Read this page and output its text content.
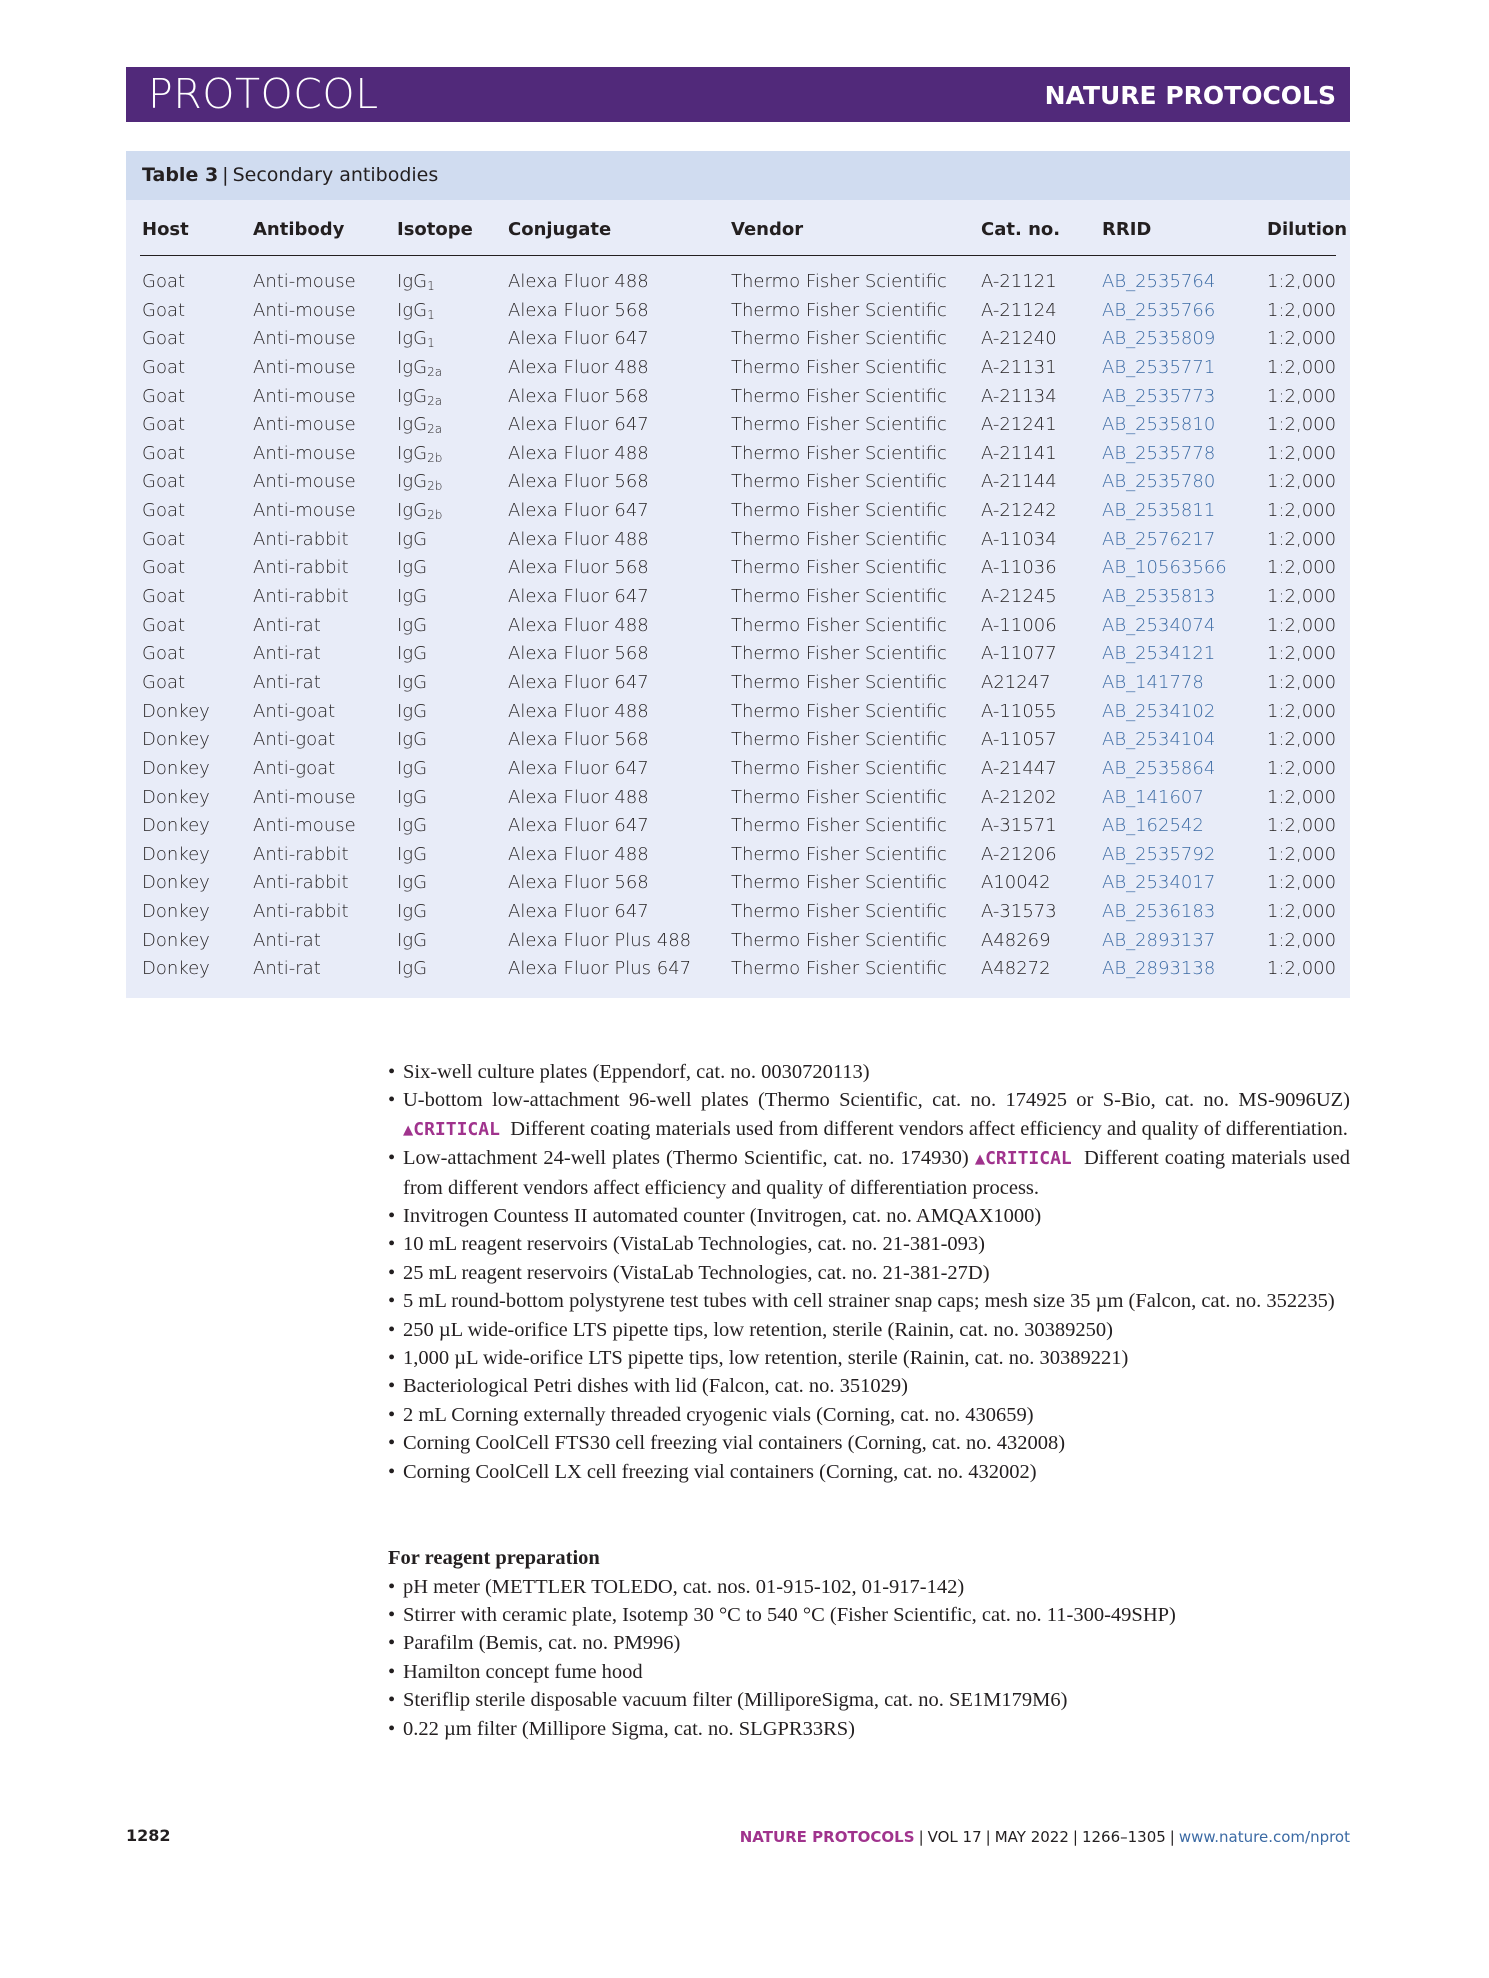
PROTOCOL	NATURE PROTOCOLS
Table 3 | Secondary antibodies
Host	Antibody	Isotope Conjugate	Vendor	Cat. no. RRID	Dilution
Goat	Anti-mouse IgG$_1$	Alexa Fluor 488	Thermo Fisher Scientific A-21121	AB_2535764	1:2,000
Goat	Anti-mouse IgG$_1$	Alexa Fluor 568	Thermo Fisher Scientific A-21124	AB_2535766	1:2,000
Goat	Anti-mouse IgG$_1$	Alexa Fluor 647	Thermo Fisher Scientific A-21240	AB_2535809	1:2,000
Goat	Anti-mouse IgG$_{2a}$	Alexa Fluor 488	Thermo Fisher Scientific A-21131	AB_2535771	1:2,000
Goat	Anti-mouse IgG$_{2a}$	Alexa Fluor 568	Thermo Fisher Scientific A-21134	AB_2535773	1:2,000
Goat	Anti-mouse IgG$_{2a}$	Alexa Fluor 647	Thermo Fisher Scientific A-21241	AB_2535810	1:2,000
Goat	Anti-mouse IgG$_{2b}$	Alexa Fluor 488	Thermo Fisher Scientific A-21141	AB_2535778	1:2,000
Goat	Anti-mouse IgG$_{2b}$	Alexa Fluor 568	Thermo Fisher Scientific A-21144	AB_2535780	1:2,000
Goat	Anti-mouse IgG$_{2b}$	Alexa Fluor 647	Thermo Fisher Scientific A-21242	AB_2535811	1:2,000
Goat	Anti-rabbit	IgG	Alexa Fluor 488	Thermo Fisher Scientific A-11034	AB_2576217	1:2,000
Goat	Anti-rabbit	IgG	Alexa Fluor 568	Thermo Fisher Scientific A-11036	AB_10563566 1:2,000
Goat	Anti-rabbit	IgG	Alexa Fluor 647	Thermo Fisher Scientific A-21245	AB_2535813	1:2,000
Goat	Anti-rat	IgG	Alexa Fluor 488	Thermo Fisher Scientific A-11006	AB_2534074	1:2,000
Goat	Anti-rat	IgG	Alexa Fluor 568	Thermo Fisher Scientific A-11077	AB_2534121	1:2,000
Goat	Anti-rat	IgG	Alexa Fluor 647	Thermo Fisher Scientific A21247	AB_141778	1:2,000
Donkey Anti-goat	IgG	Alexa Fluor 488	Thermo Fisher Scientific A-11055	AB_2534102	1:2,000
Donkey Anti-goat	IgG	Alexa Fluor 568	Thermo Fisher Scientific A-11057	AB_2534104	1:2,000
Donkey Anti-goat	IgG	Alexa Fluor 647	Thermo Fisher Scientific A-21447	AB_2535864	1:2,000
Donkey Anti-mouse IgG	Alexa Fluor 488	Thermo Fisher Scientific A-21202	AB_141607	1:2,000
Donkey Anti-mouse IgG	Alexa Fluor 647	Thermo Fisher Scientific A-31571	AB_162542	1:2,000
Donkey Anti-rabbit	IgG	Alexa Fluor 488	Thermo Fisher Scientific A-21206	AB_2535792	1:2,000
Donkey Anti-rabbit	IgG	Alexa Fluor 568	Thermo Fisher Scientific A10042	AB_2534017	1:2,000
Donkey Anti-rabbit	IgG	Alexa Fluor 647	Thermo Fisher Scientific A-31573	AB_2536183	1:2,000
Donkey Anti-rat	IgG	Alexa Fluor Plus 488 Thermo Fisher Scientific A48269	AB_2893137	1:2,000
Donkey Anti-rat	IgG	Alexa Fluor Plus 647 Thermo Fisher Scientific A48272	AB_2893138	1:2,000
• Six-well culture plates (Eppendorf, cat. no. 0030720113)
• U-bottom low-attachment 96-well plates (Thermo Scientific, cat. no. 174925 or S-Bio, cat. no. MS-9096UZ) ▲CRITICAL Different coating materials used from different vendors affect efficiency and quality of differentiation.
• Low-attachment 24-well plates (Thermo Scientific, cat. no. 174930) ▲CRITICAL Different coating materials used from different vendors affect efficiency and quality of differentiation process.
• Invitrogen Countess II automated counter (Invitrogen, cat. no. AMQAX1000)
• 10 mL reagent reservoirs (VistaLab Technologies, cat. no. 21-381-093)
• 25 mL reagent reservoirs (VistaLab Technologies, cat. no. 21-381-27D)
• 5 mL round-bottom polystyrene test tubes with cell strainer snap caps; mesh size 35 µm (Falcon, cat. no. 352235)
• 250 µL wide-orifice LTS pipette tips, low retention, sterile (Rainin, cat. no. 30389250)
• 1,000 µL wide-orifice LTS pipette tips, low retention, sterile (Rainin, cat. no. 30389221)
• Bacteriological Petri dishes with lid (Falcon, cat. no. 351029)
• 2 mL Corning externally threaded cryogenic vials (Corning, cat. no. 430659)
• Corning CoolCell FTS30 cell freezing vial containers (Corning, cat. no. 432008)
• Corning CoolCell LX cell freezing vial containers (Corning, cat. no. 432002)
For reagent preparation
• pH meter (METTLER TOLEDO, cat. nos. 01-915-102, 01-917-142)
• Stirrer with ceramic plate, Isotemp 30 °C to 540 °C (Fisher Scientific, cat. no. 11-300-49SHP)
• Parafilm (Bemis, cat. no. PM996)
• Hamilton concept fume hood
• Steriflip sterile disposable vacuum filter (MilliporeSigma, cat. no. SE1M179M6)
• 0.22 µm filter (Millipore Sigma, cat. no. SLGPR33RS)
1282	NATURE PROTOCOLS | VOL 17 | MAY 2022 | 1266–1305 | www.nature.com/nprot
